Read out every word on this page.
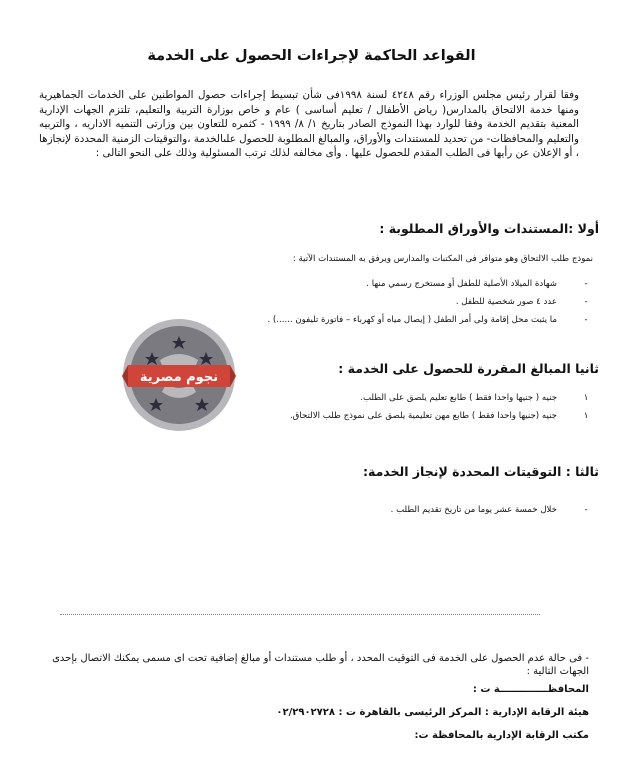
القواعد الحاكمة لإجراءات الحصول على الخدمة
وفقا لقرار رئيس مجلس الوزراء رقم ٤٢٤٨ لسنة ١٩٩٨فى شأن تبسيط إجراءات حصول المواطنين على الخدمات الجماهيرية ومنها خدمة الالتحاق بالمدارس( رياض الأطفال / تعليم أساسى ) عام و خاص بوزارة التربية والتعليم، تلتزم الجهات الإدارية المعنية بتقديم الخدمة وفقا للوارد بهذا النموذج الصادر بتاريخ ١/ ٨/ ١٩٩٩ - كثمره للتعاون بين وزارتى التنميه الاداريه ، والتربيه والتعليم والمحافظات- من تحديد للمستندات والأوراق، والمبالغ المطلوبة للحصول علىالخدمة ،والتوقيتات الزمنية المحددة لإنجازها ، أو الإعلان عن رأيها فى الطلب المقدم للحصول عليها . وأى مخالفه لذلك ترتب المسئولية وذلك على النحو التالى :
أولا :المستندات والأوراق المطلوبة :
نموذج طلب الالتحاق وهو متوافر فى المكتبات والمدارس ويرفق به المستندات الآتية :
-
شهادة الميلاد الأصلية للطفل أو مستخرج رسمي منها .
-
عدد ٤ صور شخصية للطفل .
-
ما يثبت محل إقامة ولى أمر الطفل ( إيصال مياه أو كهرباء – فاتورة تليفون ......) .
ثانيا المبالغ المقررة للحصول على الخدمة :
١
جنيه ( جنيها واحدا فقط ) طابع تعليم يلصق على الطلب.
١
جنيه (جنيها واحدا فقط ) طابع مهن تعليمية يلصق على نموذج طلب الالتحاق.
ثالثا : التوقيتات المحددة لإنجاز الخدمة:
-
خلال خمسة عشر يوما من تاريخ تقديم الطلب .
- فى حالة عدم الحصول على الخدمة فى التوقيت المحدد ، أو طلب مستندات أو مبالغ إضافية تحت اى مسمى يمكنك الاتصال بإحدى الجهات التالية :
المحافظــــــــــــــة ت :
هيئة الرقابة الإدارية : المركز الرئيسى بالقاهرة ت : ٠٢/٢٩٠٢٧٢٨
مكتب الرقابة الإدارية بالمحافظة ت:
نجوم مصرية
